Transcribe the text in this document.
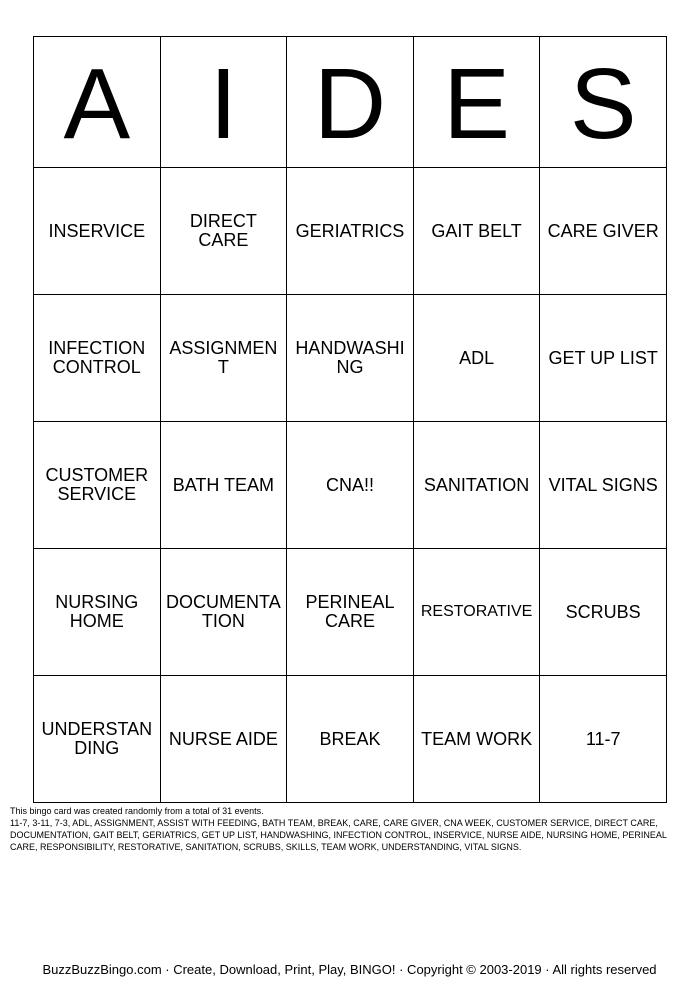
A	I	D	E	S
INSERVICE	DIRECT CARE	GERIATRICS	GAIT BELT	CARE GIVER
INFECTION CONTROL	ASSIGNMENT	HANDWASHING	ADL	GET UP LIST
CUSTOMER SERVICE	BATH TEAM	CNA!!	SANITATION	VITAL SIGNS
NURSING HOME	DOCUMENTATION	PERINEAL CARE	RESTORATIVE	SCRUBS
UNDERSTANDING	NURSE AIDE	BREAK	TEAM WORK	11-7

This bingo card was created randomly from a total of 31 events.

11-7, 3-11, 7-3, ADL, ASSIGNMENT, ASSIST WITH FEEDING, BATH TEAM, BREAK, CARE, CARE GIVER, CNA WEEK, CUSTOMER SERVICE, DIRECT CARE, DOCUMENTATION, GAIT BELT, GERIATRICS, GET UP LIST, HANDWASHING, INFECTION CONTROL, INSERVICE, NURSE AIDE, NURSING HOME, PERINEAL CARE, RESPONSIBILITY, RESTORATIVE, SANITATION, SCRUBS, SKILLS, TEAM WORK, UNDERSTANDING, VITAL SIGNS.

BuzzBuzzBingo.com · Create, Download, Print, Play, BINGO! · Copyright © 2003-2019 · All rights reserved
